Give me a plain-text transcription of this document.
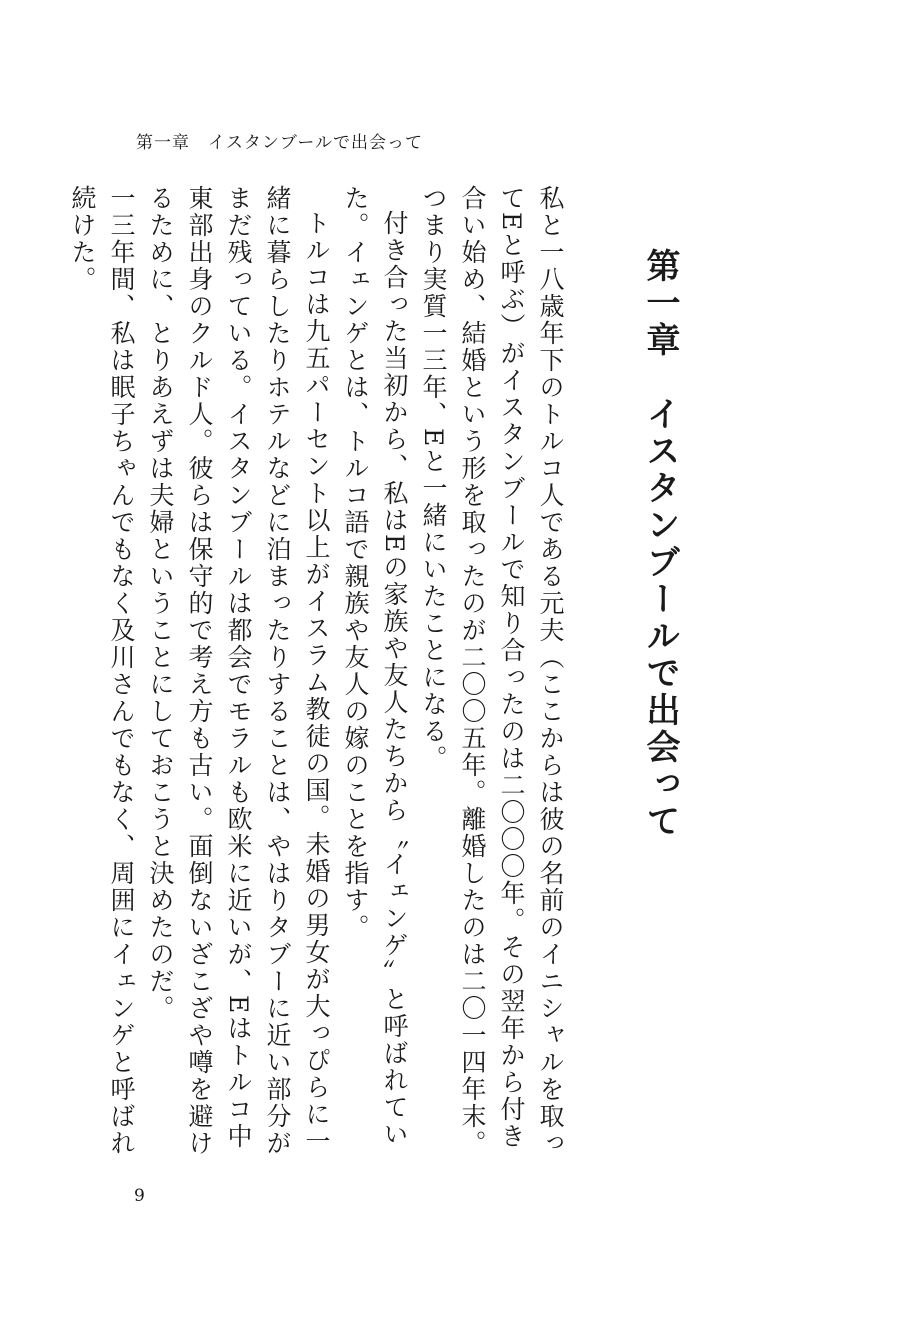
第一章　イスタンブールで出会って
第一章　イスタンブールで出会って

私と一八歳年下のトルコ人である元夫（ここからは彼の名前のイニシャルを取ってEと呼ぶ）がイスタンブールで知り合ったのは二〇〇〇年。その翌年から付き合い始め、結婚という形を取ったのが二〇〇五年。離婚したのは二〇一四年末。つまり実質一三年、Eと一緒にいたことになる。

付き合った当初から、私はEの家族や友人たちから〝イェンゲ〟と呼ばれていた。イェンゲとは、トルコ語で親族や友人の嫁のことを指す。

トルコは九五パーセント以上がイスラム教徒の国。未婚の男女が大っぴらに一緒に暮らしたりホテルなどに泊まったりすることは、やはりタブーに近い部分がまだ残っている。イスタンブールは都会でモラルも欧米に近いが、Eはトルコ中東部出身のクルド人。彼らは保守的で考え方も古い。面倒ないざこざや噂を避けるために、とりあえずは夫婦ということにしておこうと決めたのだ。

一三年間、私は眠子ちゃんでもなく及川さんでもなく、周囲にイェンゲと呼ばれ続けた。

9
